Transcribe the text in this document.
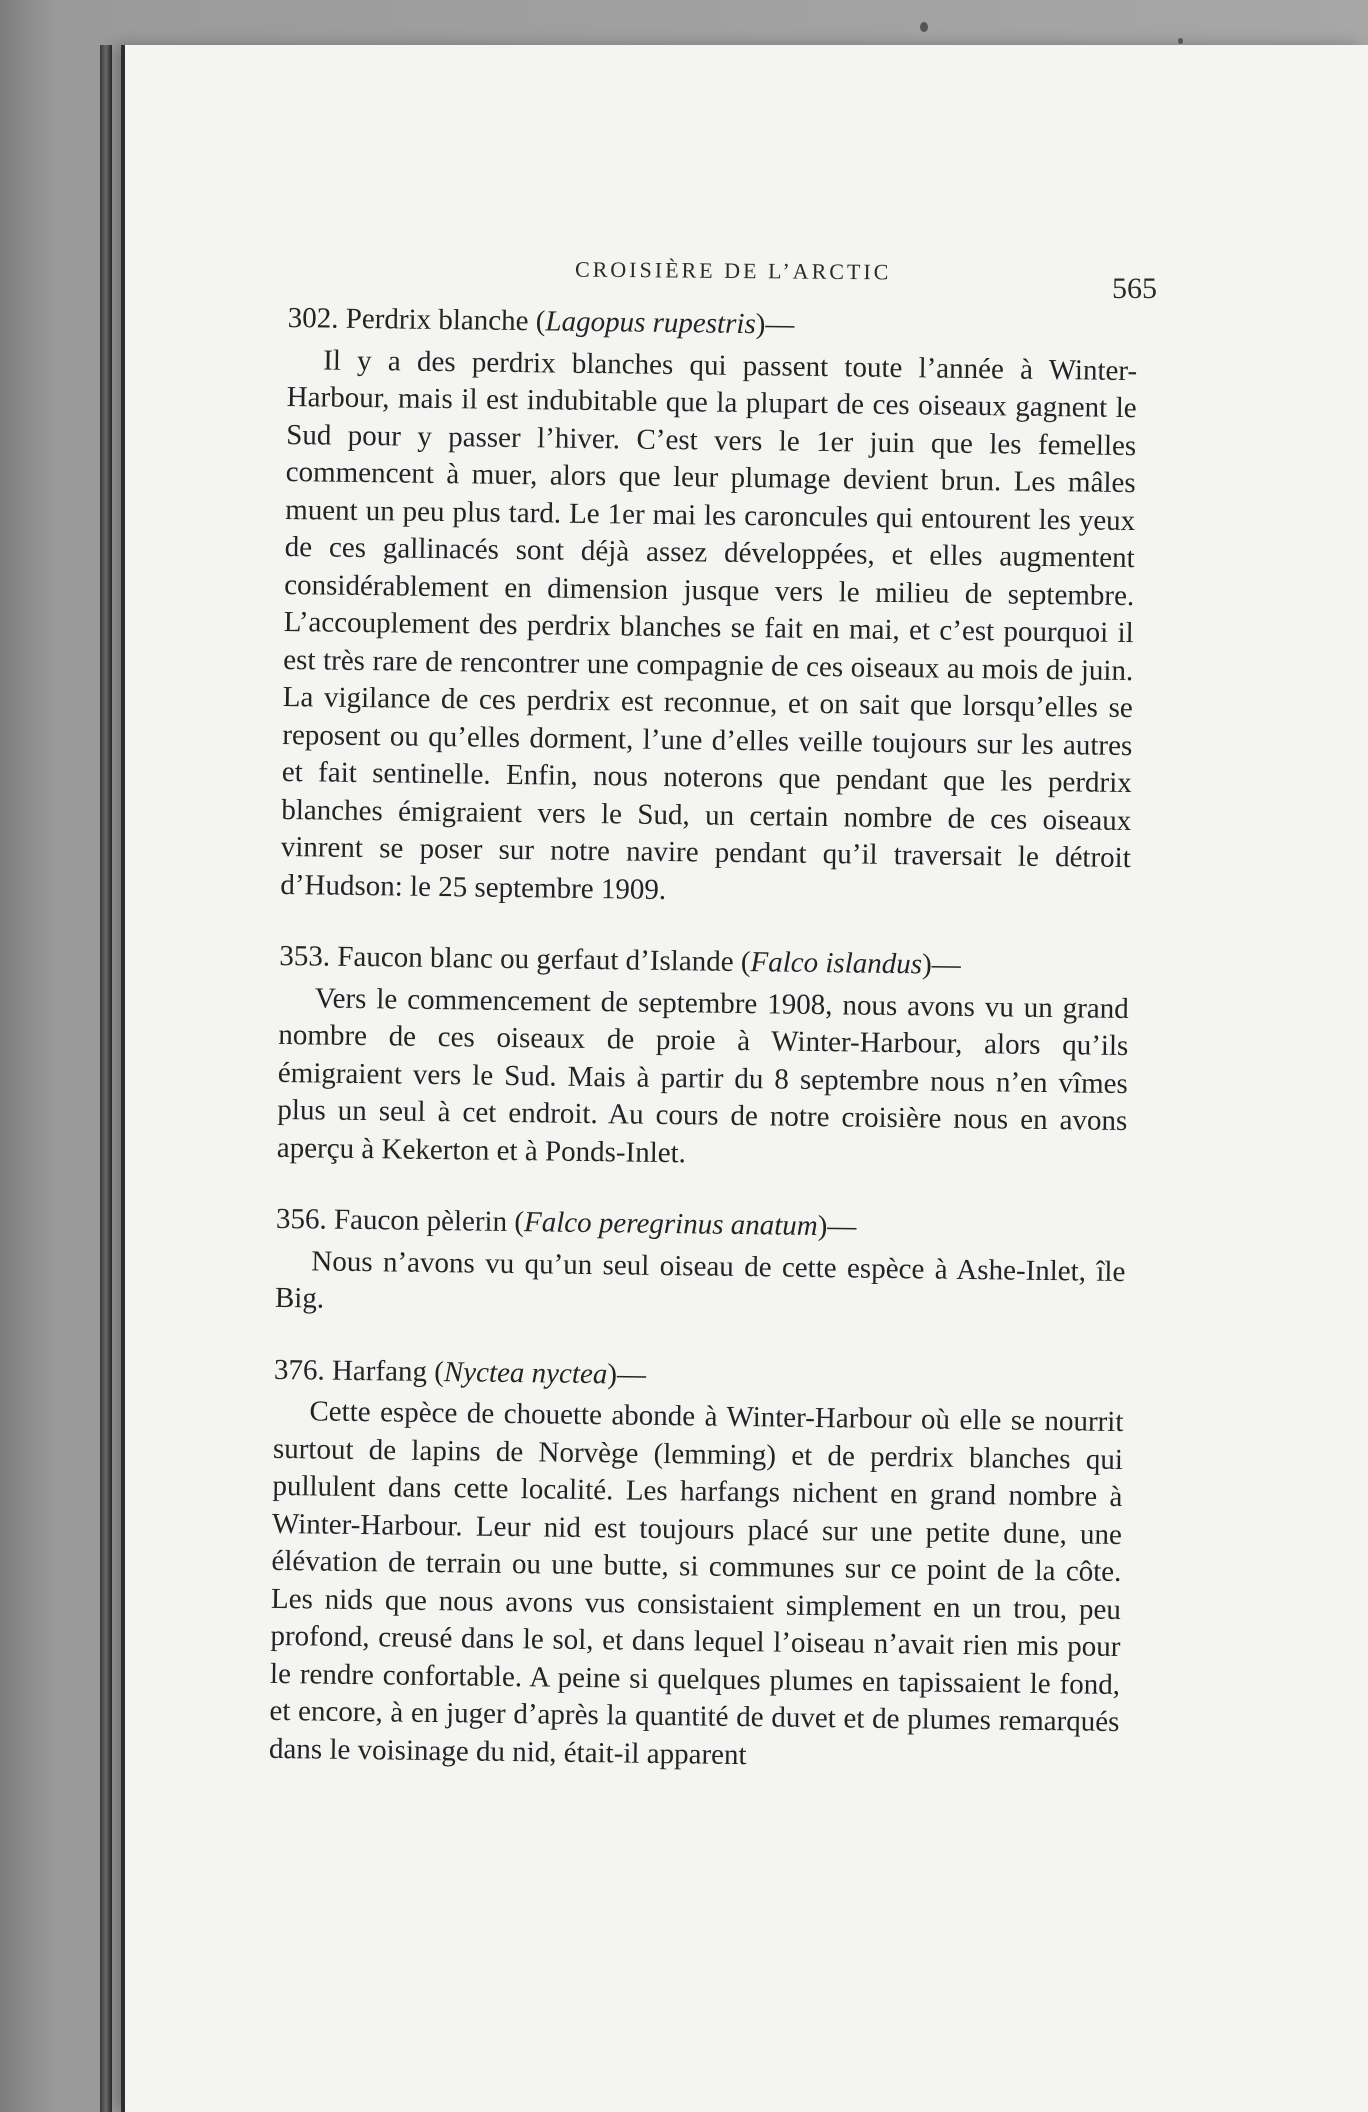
CROISIÈRE DE L’ARCTIC
565
302. Perdrix blanche (Lagopus rupestris)—

Il y a des perdrix blanches qui passent toute l’année à Winter-Harbour, mais il est indubitable que la plupart de ces oiseaux gagnent le Sud pour y passer l’hiver. C’est vers le 1er juin que les femelles commencent à muer, alors que leur plumage devient brun. Les mâles muent un peu plus tard. Le 1er mai les caroncules qui entourent les yeux de ces gallinacés sont déjà assez développées, et elles augmentent considérablement en dimension jusque vers le milieu de septembre. L’accouplement des perdrix blanches se fait en mai, et c’est pourquoi il est très rare de rencontrer une compagnie de ces oiseaux au mois de juin. La vigilance de ces perdrix est reconnue, et on sait que lorsqu’elles se reposent ou qu’elles dorment, l’une d’elles veille toujours sur les autres et fait sentinelle. Enfin, nous noterons que pendant que les perdrix blanches émigraient vers le Sud, un certain nombre de ces oiseaux vinrent se poser sur notre navire pendant qu’il traversait le détroit d’Hudson: le 25 septembre 1909.

353. Faucon blanc ou gerfaut d’Islande (Falco islandus)—

Vers le commencement de septembre 1908, nous avons vu un grand nombre de ces oiseaux de proie à Winter-Harbour, alors qu’ils émigraient vers le Sud. Mais à partir du 8 septembre nous n’en vîmes plus un seul à cet endroit. Au cours de notre croisière nous en avons aperçu à Kekerton et à Ponds-Inlet.

356. Faucon pèlerin (Falco peregrinus anatum)—

Nous n’avons vu qu’un seul oiseau de cette espèce à Ashe-Inlet, île Big.

376. Harfang (Nyctea nyctea)—

Cette espèce de chouette abonde à Winter-Harbour où elle se nourrit surtout de lapins de Norvège (lemming) et de perdrix blanches qui pullulent dans cette localité. Les harfangs nichent en grand nombre à Winter-Harbour. Leur nid est toujours placé sur une petite dune, une élévation de terrain ou une butte, si communes sur ce point de la côte. Les nids que nous avons vus consistaient simplement en un trou, peu profond, creusé dans le sol, et dans lequel l’oiseau n’avait rien mis pour le rendre confortable. A peine si quelques plumes en tapissaient le fond, et encore, à en juger d’après la quantité de duvet et de plumes remarqués dans le voisinage du nid, était-il apparent
